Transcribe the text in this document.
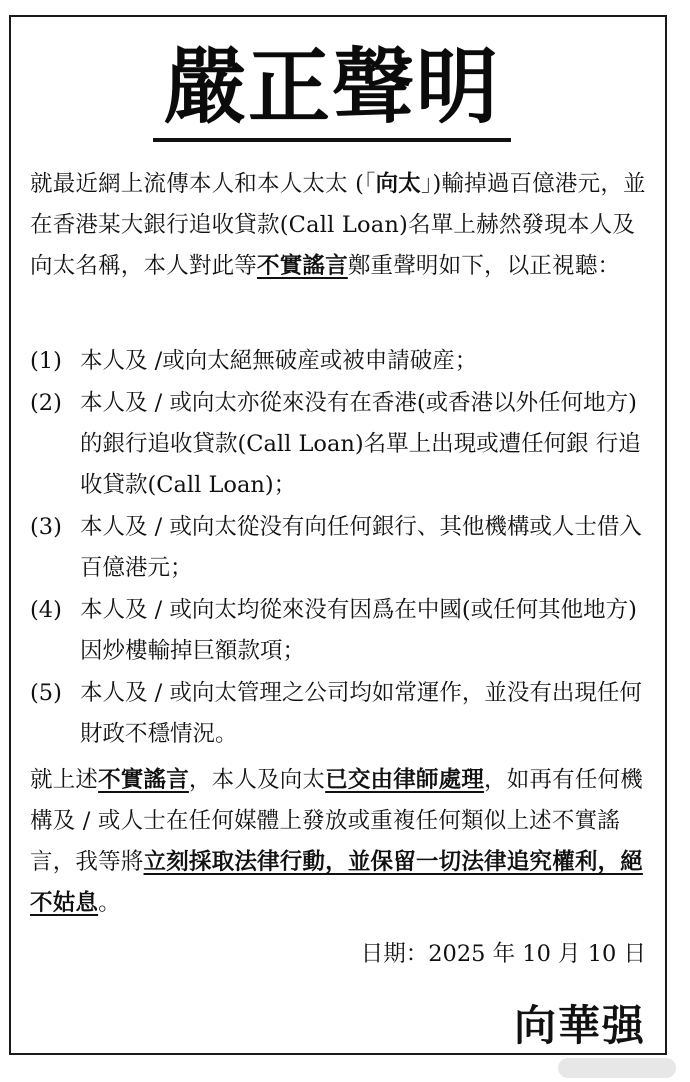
嚴正聲明
就最近網上流傳本人和本人太太 (「向太」)輸掉過百億港元，並在香港某大銀行追收貸款(Call Loan)名單上赫然發現本人及向太名稱，本人對此等不實謠言鄭重聲明如下，以正視聽：
(1) 本人及 /或向太絕無破産或被申請破産；
(2) 本人及 / 或向太亦從來没有在香港(或香港以外任何地方)的銀行追收貸款(Call Loan)名單上出現或遭任何銀 行追收貸款(Call Loan)；
(3) 本人及 / 或向太從没有向任何銀行、其他機構或人士借入百億港元；
(4) 本人及 / 或向太均從來没有因爲在中國(或任何其他地方)因炒樓輸掉巨額款項；
(5) 本人及 / 或向太管理之公司均如常運作，並没有出現任何財政不穩情況。
就上述不實謠言，本人及向太已交由律師處理，如再有任何機構及 / 或人士在任何媒體上發放或重複任何類似上述不實謠言，我等將立刻採取法律行動，並保留一切法律追究權利，絕不姑息。
日期：2025 年 10 月 10 日
向華强
